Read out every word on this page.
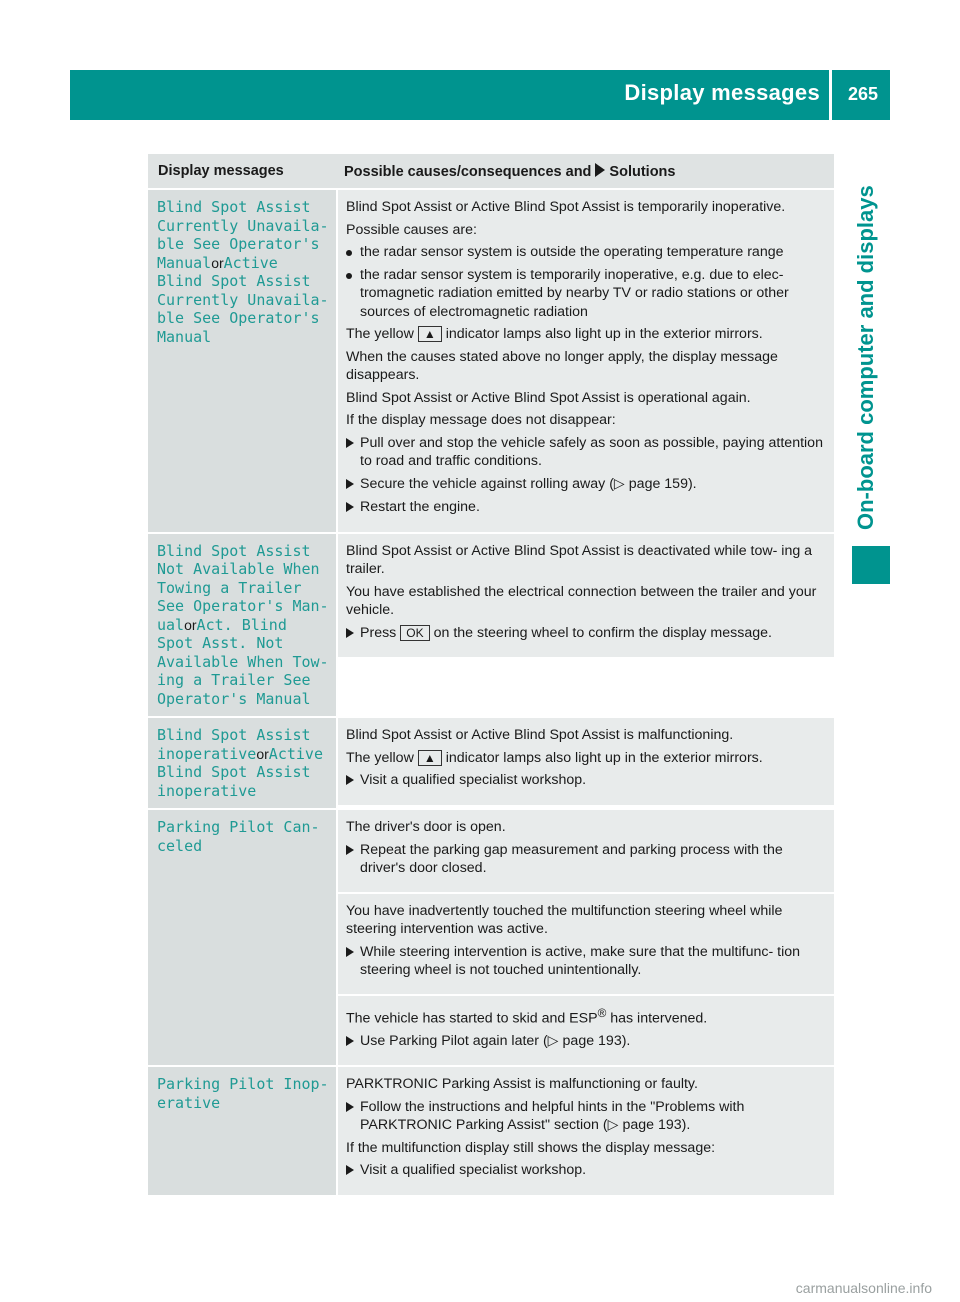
Display messages 265
On-board computer and displays
Display messages	Possible causes/consequences and Solutions
Blind Spot Assist Currently Unavaila‐ ble See Operator's ManualorActive Blind Spot Assist Currently Unavaila‐ ble See Operator's Manual

Blind Spot Assist or Active Blind Spot Assist is temporarily inoperative.

Possible causes are:

the radar sensor system is outside the operating temperature range
the radar sensor system is temporarily inoperative, e.g. due to elec‐ tromagnetic radiation emitted by nearby TV or radio stations or other sources of electromagnetic radiation

The yellow ▲ indicator lamps also light up in the exterior mirrors.

When the causes stated above no longer apply, the display message disappears.

Blind Spot Assist or Active Blind Spot Assist is operational again.

If the display message does not disappear:

Pull over and stop the vehicle safely as soon as possible, paying attention to road and traffic conditions.
Secure the vehicle against rolling away (▷ page 159).
Restart the engine.
Blind Spot Assist Not Available When Towing a Trailer See Operator's Man‐ ualorAct. Blind Spot Asst. Not Available When Tow‐ ing a Trailer See Operator's Manual

Blind Spot Assist or Active Blind Spot Assist is deactivated while tow‐ ing a trailer.

You have established the electrical connection between the trailer and your vehicle.

Press OK on the steering wheel to confirm the display message.
Blind Spot Assist inoperativeorActive Blind Spot Assist inoperative

Blind Spot Assist or Active Blind Spot Assist is malfunctioning.

The yellow ▲ indicator lamps also light up in the exterior mirrors.

Visit a qualified specialist workshop.
Parking Pilot Can‐ celed

The driver's door is open.

Repeat the parking gap measurement and parking process with the driver's door closed.

You have inadvertently touched the multifunction steering wheel while steering intervention was active.

While steering intervention is active, make sure that the multifunc‐ tion steering wheel is not touched unintentionally.

The vehicle has started to skid and ESP® has intervened.

Use Parking Pilot again later (▷ page 193).
Parking Pilot Inop‐ erative

PARKTRONIC Parking Assist is malfunctioning or faulty.

Follow the instructions and helpful hints in the "Problems with PARKTRONIC Parking Assist" section (▷ page 193).

If the multifunction display still shows the display message:

Visit a qualified specialist workshop.
carmanualsonline.info
